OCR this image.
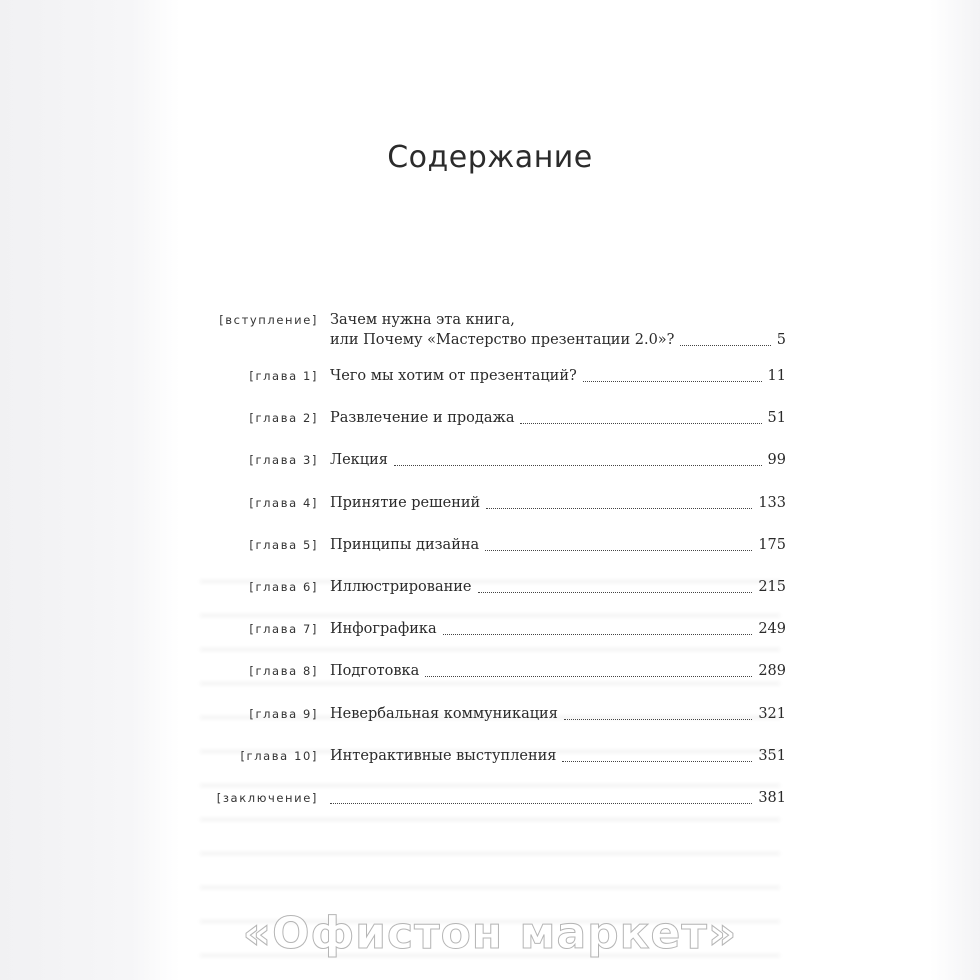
Содержание
[вступление] Зачем нужна эта книга,
или Почему «Мастерство презентации 2.0»?	5
[глава 1] Чего мы хотим от презентаций?	11
[глава 2] Развлечение и продажа	51
[глава 3] Лекция	99
[глава 4] Принятие решений	133
[глава 5] Принципы дизайна	175
[глава 6] Иллюстрирование	215
[глава 7] Инфографика	249
[глава 8] Подготовка	289
[глава 9] Невербальная коммуникация	321
[глава 10] Интерактивные выступления	351
[заключение]	381
«Офистон маркет»
